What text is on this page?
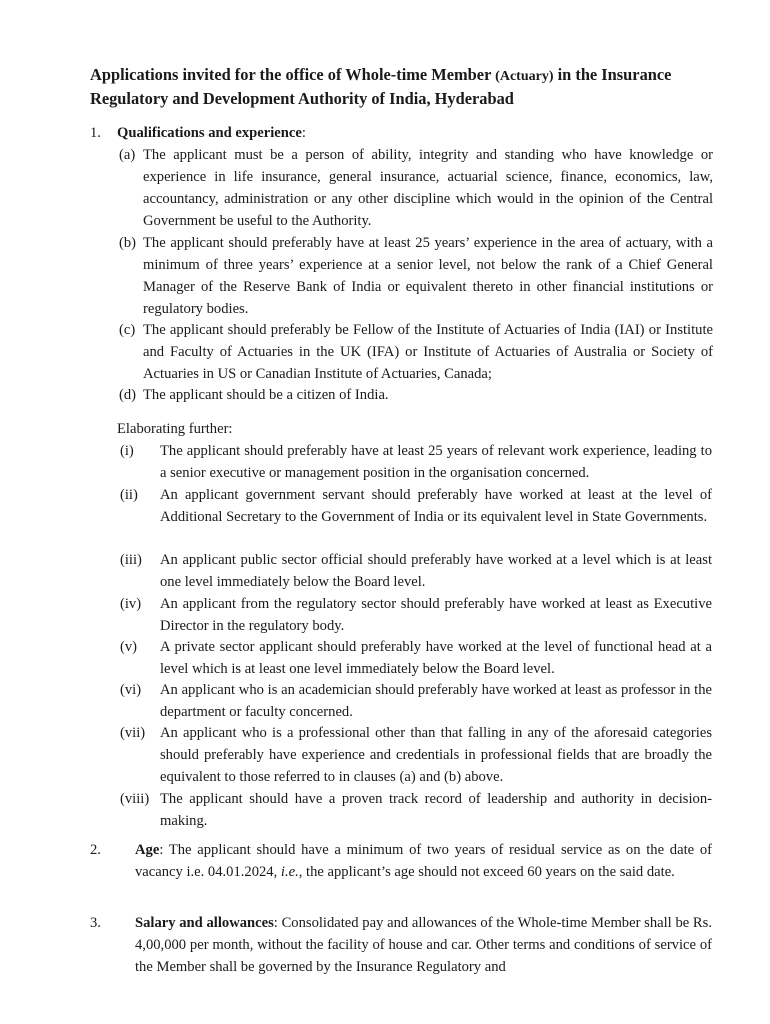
Applications invited for the office of Whole-time Member (Actuary) in the Insurance Regulatory and Development Authority of India, Hyderabad
1. Qualifications and experience:
(a) The applicant must be a person of ability, integrity and standing who have knowledge or experience in life insurance, general insurance, actuarial science, finance, economics, law, accountancy, administration or any other discipline which would in the opinion of the Central Government be useful to the Authority.
(b) The applicant should preferably have at least 25 years’ experience in the area of actuary, with a minimum of three years’ experience at a senior level, not below the rank of a Chief General Manager of the Reserve Bank of India or equivalent thereto in other financial institutions or regulatory bodies.
(c) The applicant should preferably be Fellow of the Institute of Actuaries of India (IAI) or Institute and Faculty of Actuaries in the UK (IFA) or Institute of Actuaries of Australia or Society of Actuaries in US or Canadian Institute of Actuaries, Canada;
(d) The applicant should be a citizen of India.
Elaborating further:
(i) The applicant should preferably have at least 25 years of relevant work experience, leading to a senior executive or management position in the organisation concerned.
(ii) An applicant government servant should preferably have worked at least at the level of Additional Secretary to the Government of India or its equivalent level in State Governments.
(iii) An applicant public sector official should preferably have worked at a level which is at least one level immediately below the Board level.
(iv) An applicant from the regulatory sector should preferably have worked at least as Executive Director in the regulatory body.
(v) A private sector applicant should preferably have worked at the level of functional head at a level which is at least one level immediately below the Board level.
(vi) An applicant who is an academician should preferably have worked at least as professor in the department or faculty concerned.
(vii) An applicant who is a professional other than that falling in any of the aforesaid categories should preferably have experience and credentials in professional fields that are broadly the equivalent to those referred to in clauses (a) and (b) above.
(viii) The applicant should have a proven track record of leadership and authority in decision-making.
2. Age: The applicant should have a minimum of two years of residual service as on the date of vacancy i.e. 04.01.2024, i.e., the applicant’s age should not exceed 60 years on the said date.
3. Salary and allowances: Consolidated pay and allowances of the Whole-time Member shall be Rs. 4,00,000 per month, without the facility of house and car. Other terms and conditions of service of the Member shall be governed by the Insurance Regulatory and
